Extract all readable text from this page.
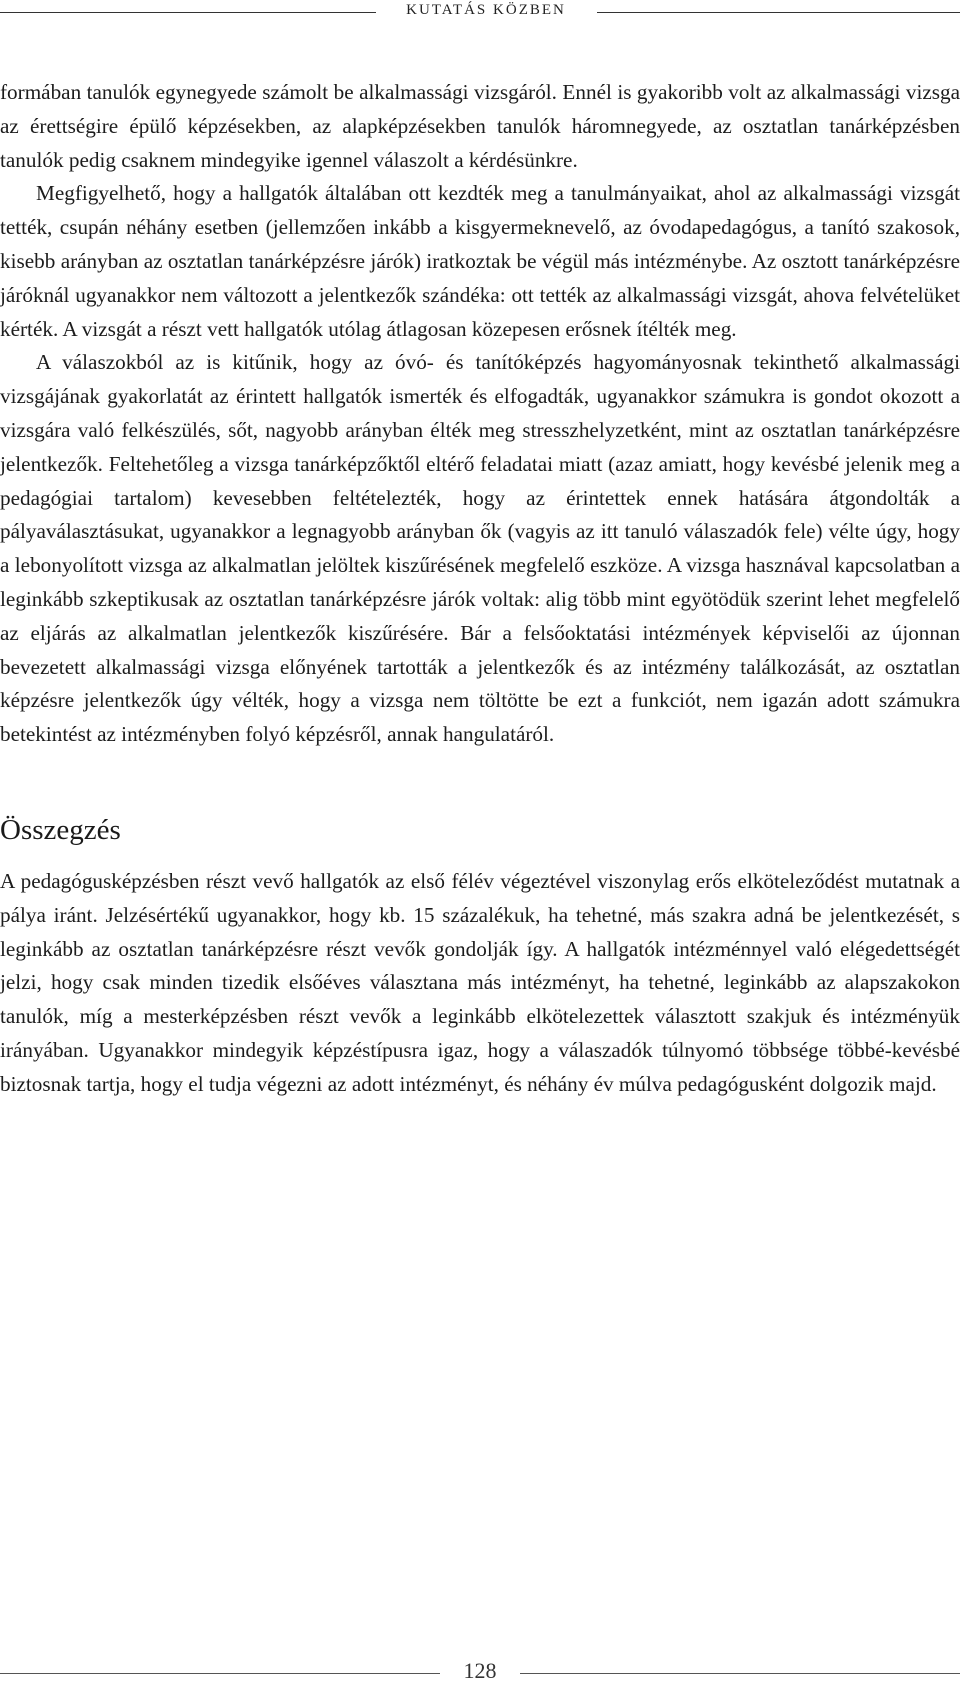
KUTATÁS KÖZBEN

formában tanulók egynegyede számolt be alkalmassági vizsgáról. Ennél is gyakoribb volt az alkalmassági vizsga az érettségire épülő képzésekben, az alapképzésekben tanulók háromnegyede, az osztatlan tanárképzésben tanulók pedig csaknem mindegyike igennel válaszolt a kérdésünkre.

Megfigyelhető, hogy a hallgatók általában ott kezdték meg a tanulmányaikat, ahol az alkalmassági vizsgát tették, csupán néhány esetben (jellemzően inkább a kisgyermeknevelő, az óvodapedagógus, a tanító szakosok, kisebb arányban az osztatlan tanárképzésre járók) iratkoztak be végül más intézménybe. Az osztott tanárképzésre járóknál ugyanakkor nem változott a jelentkezők szándéka: ott tették az alkalmassági vizsgát, ahova felvételüket kérték. A vizsgát a részt vett hallgatók utólag átlagosan közepesen erősnek ítélték meg.

A válaszokból az is kitűnik, hogy az óvó- és tanítóképzés hagyományosnak tekinthető alkalmassági vizsgájának gyakorlatát az érintett hallgatók ismerték és elfogadták, ugyanakkor számukra is gondot okozott a vizsgára való felkészülés, sőt, nagyobb arányban élték meg stresszhelyzetként, mint az osztatlan tanárképzésre jelentkezők. Feltehetőleg a vizsga tanárképzőktől eltérő feladatai miatt (azaz amiatt, hogy kevésbé jelenik meg a pedagógiai tartalom) kevesebben feltételezték, hogy az érintettek ennek hatására átgondolták a pályaválasztásukat, ugyanakkor a legnagyobb arányban ők (vagyis az itt tanuló válaszadók fele) vélte úgy, hogy a lebonyolított vizsga az alkalmatlan jelöltek kiszűrésének megfelelő eszköze. A vizsga hasznával kapcsolatban a leginkább szkeptikusak az osztatlan tanárképzésre járók voltak: alig több mint egyötödük szerint lehet megfelelő az eljárás az alkalmatlan jelentkezők kiszűrésére. Bár a felsőoktatási intézmények képviselői az újonnan bevezetett alkalmassági vizsga előnyének tartották a jelentkezők és az intézmény találkozását, az osztatlan képzésre jelentkezők úgy vélték, hogy a vizsga nem töltötte be ezt a funkciót, nem igazán adott számukra betekintést az intézményben folyó képzésről, annak hangulatáról.

Összegzés

A pedagógusképzésben részt vevő hallgatók az első félév végeztével viszonylag erős elköteleződést mutatnak a pálya iránt. Jelzésértékű ugyanakkor, hogy kb. 15 százalékuk, ha tehetné, más szakra adná be jelentkezését, s leginkább az osztatlan tanárképzésre részt vevők gondolják így. A hallgatók intézménnyel való elégedettségét jelzi, hogy csak minden tizedik elsőéves választana más intézményt, ha tehetné, leginkább az alapszakokon tanulók, míg a mesterképzésben részt vevők a leginkább elkötelezettek választott szakjuk és intézményük irányában. Ugyanakkor mindegyik képzéstípusra igaz, hogy a válaszadók túlnyomó többsége többé-kevésbé biztosnak tartja, hogy el tudja végezni az adott intézményt, és néhány év múlva pedagógusként dolgozik majd.

128
